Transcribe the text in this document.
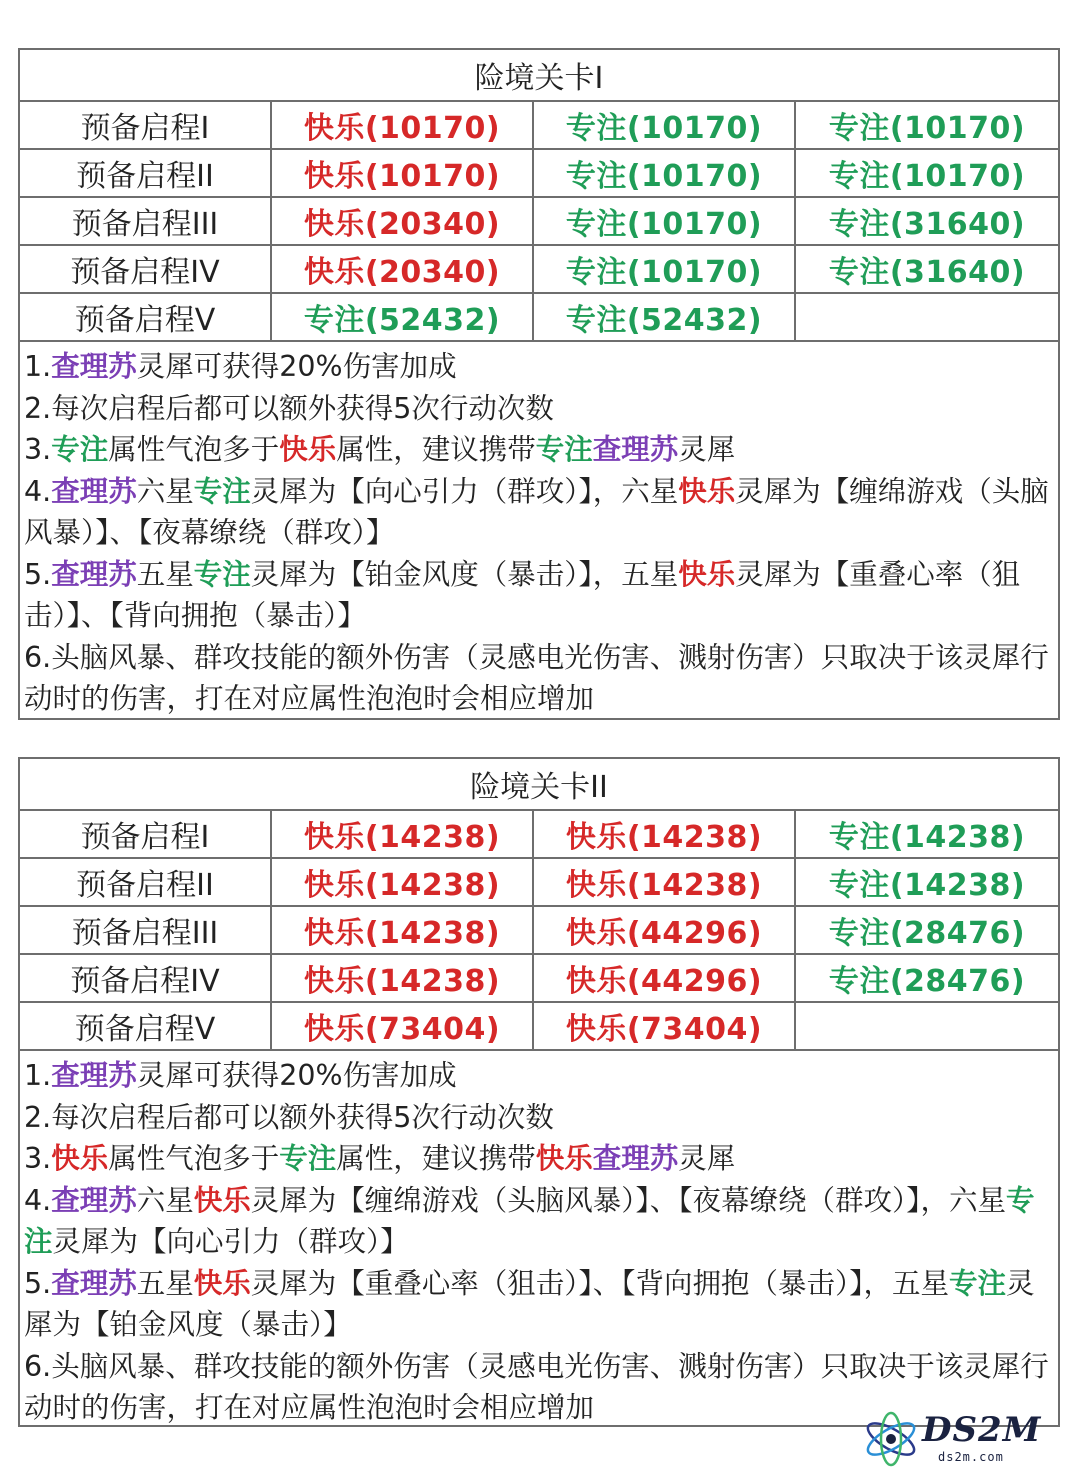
险境关卡I
预备启程I	快乐(10170)	专注(10170)	专注(10170)
预备启程II	快乐(10170)	专注(10170)	专注(10170)
预备启程III	快乐(20340)	专注(10170)	专注(31640)
预备启程IV	快乐(20340)	专注(10170)	专注(31640)
预备启程V	专注(52432)	专注(52432)
1.查理苏灵犀可获得20%伤害加成
2.每次启程后都可以额外获得5次行动次数
3.专注属性气泡多于快乐属性，建议携带专注查理苏灵犀
4.查理苏六星专注灵犀为【向心引力（群攻）】，六星快乐灵犀为【缠绵游戏（头脑风暴）】、【夜幕缭绕（群攻）】
5.查理苏五星专注灵犀为【铂金风度（暴击）】，五星快乐灵犀为【重叠心率（狙击）】、【背向拥抱（暴击）】
6.头脑风暴、群攻技能的额外伤害（灵感电光伤害、溅射伤害）只取决于该灵犀行动时的伤害，打在对应属性泡泡时会相应增加
险境关卡II
预备启程I	快乐(14238)	快乐(14238)	专注(14238)
预备启程II	快乐(14238)	快乐(14238)	专注(14238)
预备启程III	快乐(14238)	快乐(44296)	专注(28476)
预备启程IV	快乐(14238)	快乐(44296)	专注(28476)
预备启程V	快乐(73404)	快乐(73404)
1.查理苏灵犀可获得20%伤害加成
2.每次启程后都可以额外获得5次行动次数
3.快乐属性气泡多于专注属性，建议携带快乐查理苏灵犀
4.查理苏六星快乐灵犀为【缠绵游戏（头脑风暴）】、【夜幕缭绕（群攻）】，六星专注灵犀为【向心引力（群攻）】
5.查理苏五星快乐灵犀为【重叠心率（狙击）】、【背向拥抱（暴击）】，五星专注灵犀为【铂金风度（暴击）】
6.头脑风暴、群攻技能的额外伤害（灵感电光伤害、溅射伤害）只取决于该灵犀行动时的伤害，打在对应属性泡泡时会相应增加
DS2M
ds2m.com
